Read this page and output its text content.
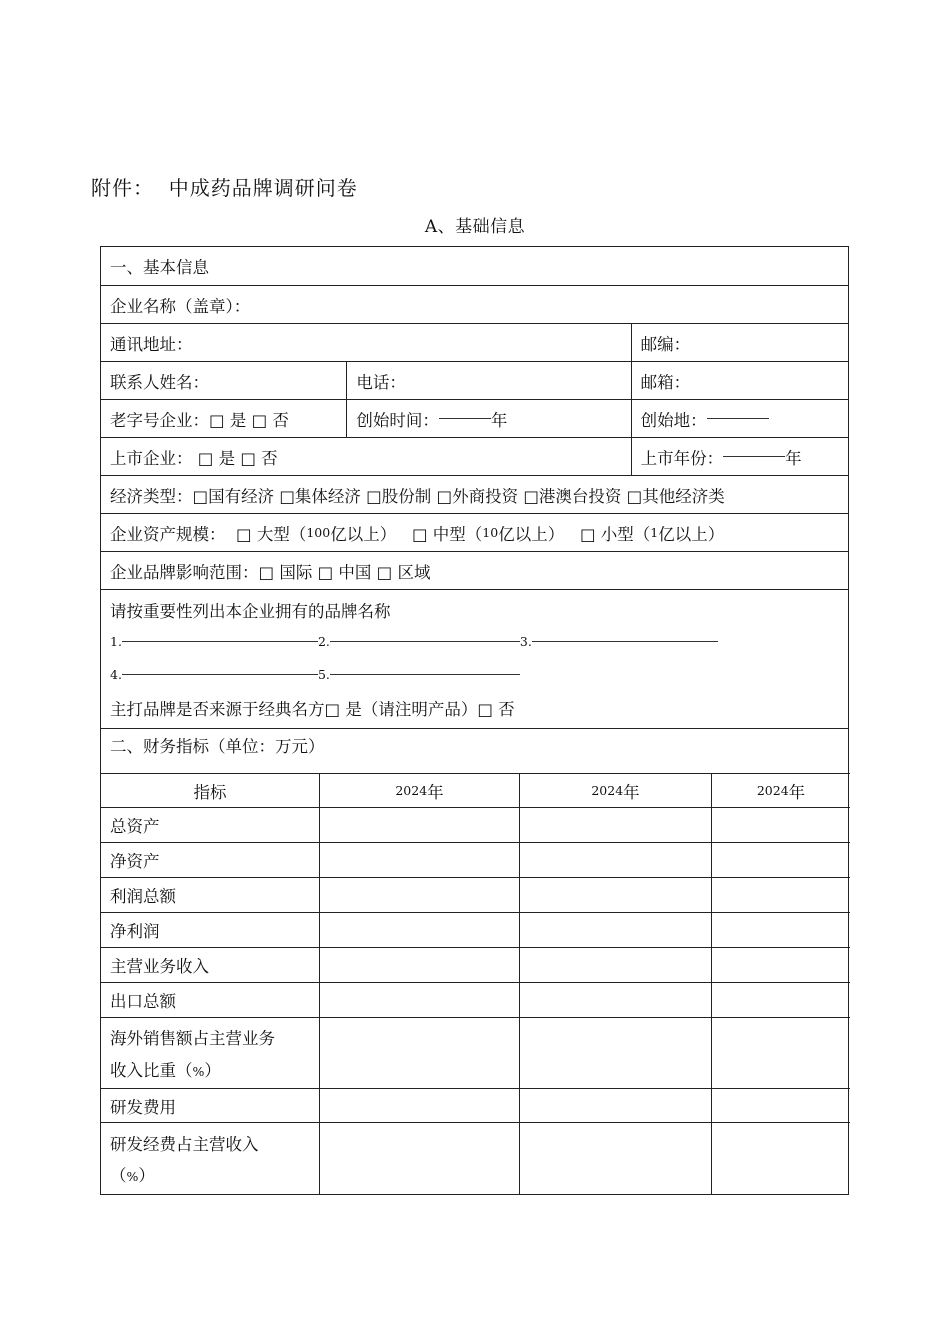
附件： 中成药品牌调研问卷
A、基础信息
一、基本信息
企业名称（盖章）：
通讯地址：	邮编：
联系人姓名：	电话：	邮箱：
老字号企业：□ 是 □ 否	创始时间：	年	创始地：
上市企业： □ 是 □ 否	上市年份：	年
经济类型：□国有经济 □集体经济 □股份制 □外商投资 □港澳台投资 □其他经济类
企业资产规模：
□ 大型（ 100 亿以上）
□ 中型（ 10 亿以上）
□ 小型（ 1 亿以上）
企业品牌影响范围：□ 国际 □ 中国 □ 区域
请按重要性列出本企业拥有的品牌名称
1.	2.	3.
4.	5.
主打品牌是否来源于经典名方□ 是（请注明产品）□ 否
二、财务指标（单位：万元）
指标	2024 年	2024 年	2024 年
总资产
净资产
利润总额
净利润
主营业务收入
出口总额
海外销售额占主营业务
收入比重（%）
研发费用
研发经费占主营收入
（%）
